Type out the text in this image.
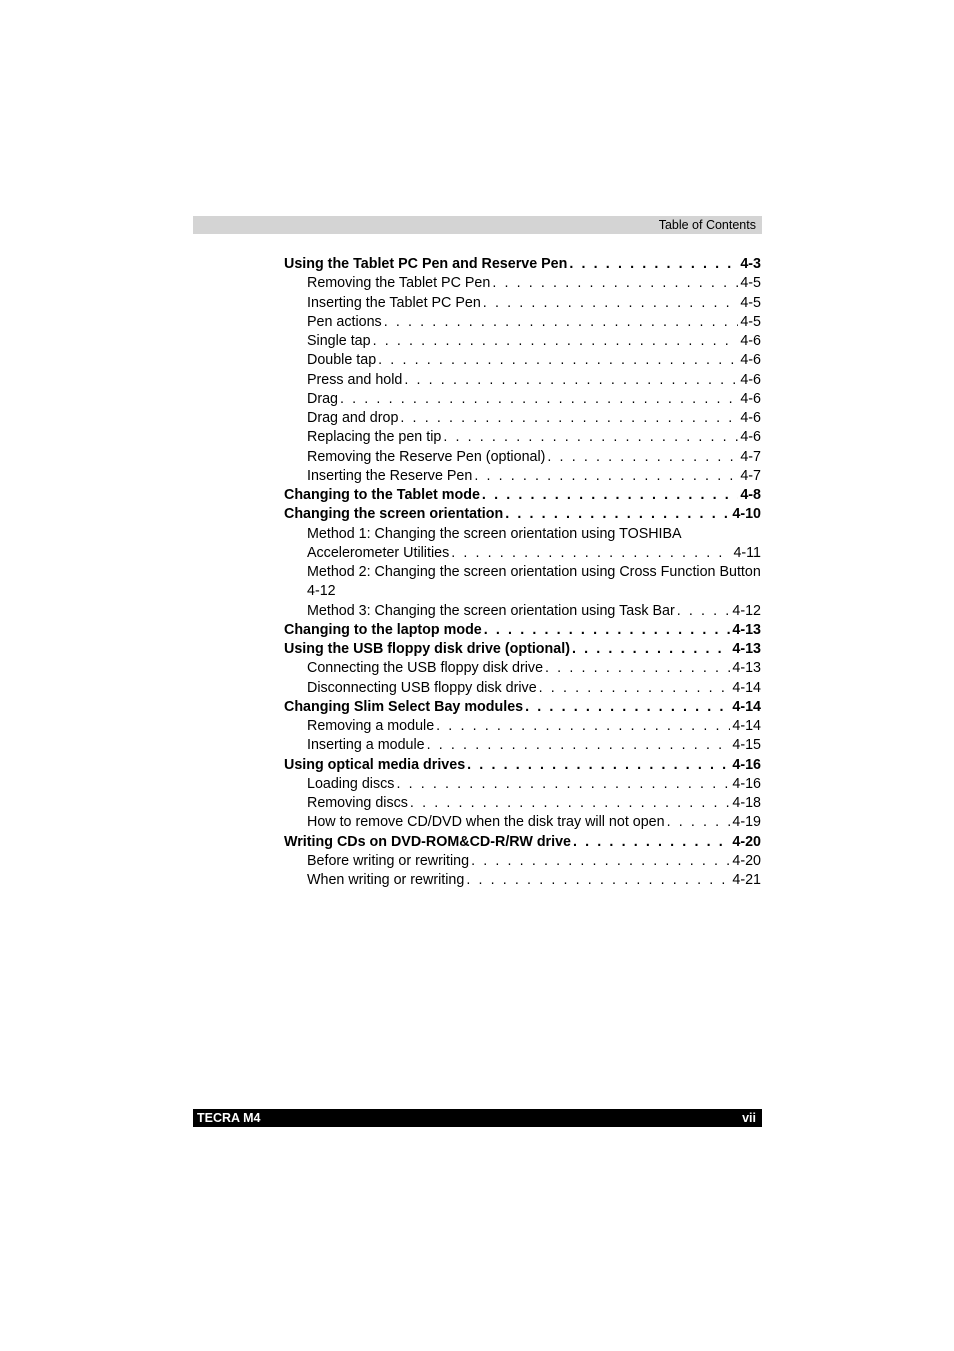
Table of Contents
Using the Tablet PC Pen and Reserve Pen . . .	4-3
Removing the Tablet PC Pen . . .	4-5
Inserting the Tablet PC Pen . . .	4-5
Pen actions . . .	4-5
Single tap . . .	4-6
Double tap . . .	4-6
Press and hold . . .	4-6
Drag . . .	4-6
Drag and drop . . .	4-6
Replacing the pen tip . . .	4-6
Removing the Reserve Pen (optional) . . .	4-7
Inserting the Reserve Pen . . .	4-7
Changing to the Tablet mode . . .	4-8
Changing the screen orientation . . .	4-10
Method 1: Changing the screen orientation using TOSHIBA
Accelerometer Utilities . . .	4-11
Method 2: Changing the screen orientation using Cross Function Button
4-12
Method 3: Changing the screen orientation using Task Bar . . .	4-12
Changing to the laptop mode . . .	4-13
Using the USB floppy disk drive (optional) . . .	4-13
Connecting the USB floppy disk drive . . .	4-13
Disconnecting USB floppy disk drive . . .	4-14
Changing Slim Select Bay modules . . .	4-14
Removing a module . . .	4-14
Inserting a module . . .	4-15
Using optical media drives . . .	4-16
Loading discs . . .	4-16
Removing discs . . .	4-18
How to remove CD/DVD when the disk tray will not open . . .	4-19
Writing CDs on DVD-ROM&CD-R/RW drive . . .	4-20
Before writing or rewriting . . .	4-20
When writing or rewriting . . .	4-21
TECRA M4	vii
